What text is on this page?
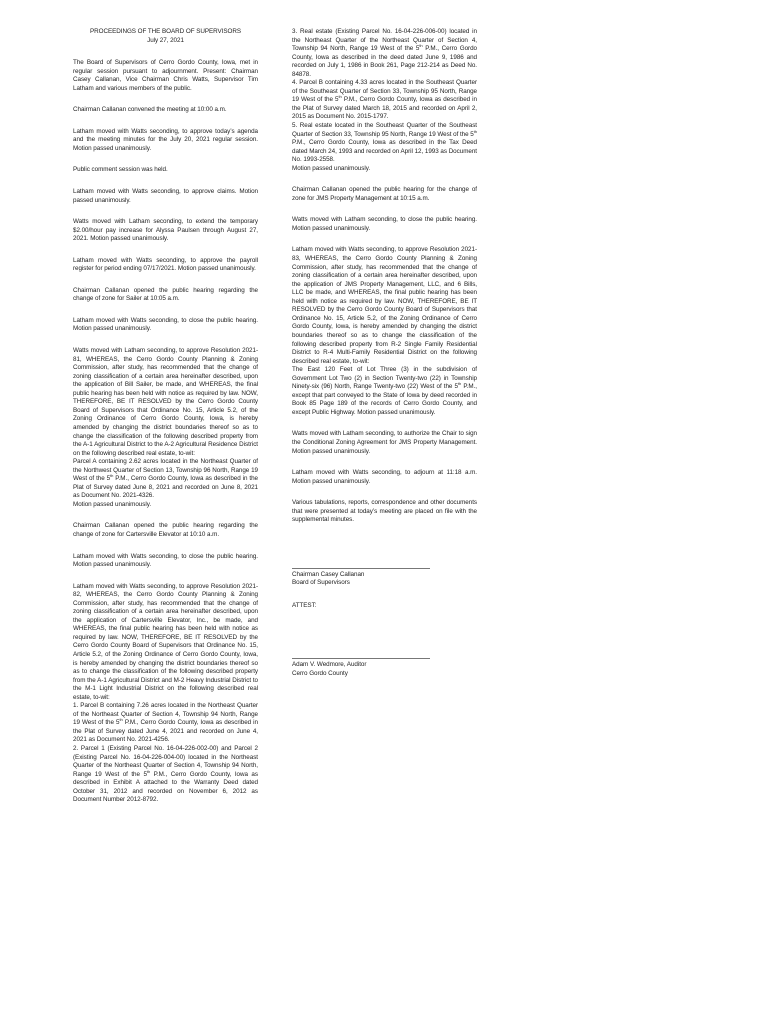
PROCEEDINGS OF THE BOARD OF SUPERVISORS
July 27, 2021

The Board of Supervisors of Cerro Gordo County, Iowa, met in regular session pursuant to adjournment. Present: Chairman Casey Callanan, Vice Chairman Chris Watts, Supervisor Tim Latham and various members of the public.

Chairman Callanan convened the meeting at 10:00 a.m.

Latham moved with Watts seconding, to approve today’s agenda and the meeting minutes for the July 20, 2021 regular session. Motion passed unanimously.

Public comment session was held.

Latham moved with Watts seconding, to approve claims. Motion passed unanimously.

Watts moved with Latham seconding, to extend the temporary $2.00/hour pay increase for Alyssa Paulsen through August 27, 2021. Motion passed unanimously.

Latham moved with Watts seconding, to approve the payroll register for period ending 07/17/2021. Motion passed unanimously.

Chairman Callanan opened the public hearing regarding the change of zone for Sailer at 10:05 a.m.

Latham moved with Watts seconding, to close the public hearing. Motion passed unanimously.

Watts moved with Latham seconding, to approve Resolution 2021-81, WHEREAS, the Cerro Gordo County Planning & Zoning Commission, after study, has recommended that the change of zoning classification of a certain area hereinafter described, upon the application of Bill Sailer, be made, and WHEREAS, the final public hearing has been held with notice as required by law. NOW, THEREFORE, BE IT RESOLVED by the Cerro Gordo County Board of Supervisors that Ordinance No. 15, Article 5.2, of the Zoning Ordinance of Cerro Gordo County, Iowa, is hereby amended by changing the district boundaries thereof so as to change the classification of the following described property from the A-1 Agricultural District to the A-2 Agricultural Residence District on the following described real estate, to-wit:
Parcel A containing 2.62 acres located in the Northeast Quarter of the Northwest Quarter of Section 13, Township 96 North, Range 19 West of the 5th P.M., Cerro Gordo County, Iowa as described in the Plat of Survey dated June 8, 2021 and recorded on June 8, 2021 as Document No. 2021-4326.
Motion passed unanimously.

Chairman Callanan opened the public hearing regarding the change of zone for Cartersville Elevator at 10:10 a.m.

Latham moved with Watts seconding, to close the public hearing. Motion passed unanimously.

Latham moved with Watts seconding, to approve Resolution 2021-82, WHEREAS, the Cerro Gordo County Planning & Zoning Commission, after study, has recommended that the change of zoning classification of a certain area hereinafter described, upon the application of Cartersville Elevator, Inc., be made, and WHEREAS, the final public hearing has been held with notice as required by law. NOW, THEREFORE, BE IT RESOLVED by the Cerro Gordo County Board of Supervisors that Ordinance No. 15, Article 5.2, of the Zoning Ordinance of Cerro Gordo County, Iowa, is hereby amended by changing the district boundaries thereof so as to change the classification of the following described property from the A-1 Agricultural District and M-2 Heavy Industrial District to the M-1 Light Industrial District on the following described real estate, to-wit:
1. Parcel B containing 7.26 acres located in the Northeast Quarter of the Northeast Quarter of Section 4, Township 94 North, Range 19 West of the 5th P.M., Cerro Gordo County, Iowa as described in the Plat of Survey dated June 4, 2021 and recorded on June 4, 2021 as Document No. 2021-4256.
2. Parcel 1 (Existing Parcel No. 16-04-226-002-00) and Parcel 2 (Existing Parcel No. 16-04-226-004-00) located in the Northeast Quarter of the Northeast Quarter of Section 4, Township 94 North, Range 19 West of the 5th P.M., Cerro Gordo County, Iowa as described in Exhibit A attached to the Warranty Deed dated October 31, 2012 and recorded on November 6, 2012 as Document Number 2012-8792.

3. Real estate (Existing Parcel No. 16-04-226-006-00) located in the Northeast Quarter of the Northeast Quarter of Section 4, Township 94 North, Range 19 West of the 5th P.M., Cerro Gordo County, Iowa as described in the deed dated June 9, 1986 and recorded on July 1, 1986 in Book 261, Page 212-214 as Deed No. 84878.
4. Parcel B containing 4.33 acres located in the Southeast Quarter of the Southeast Quarter of Section 33, Township 95 North, Range 19 West of the 5th P.M., Cerro Gordo County, Iowa as described in the Plat of Survey dated March 18, 2015 and recorded on April 2, 2015 as Document No. 2015-1797.
5. Real estate located in the Southeast Quarter of the Southeast Quarter of Section 33, Township 95 North, Range 19 West of the 5th P.M., Cerro Gordo County, Iowa as described in the Tax Deed dated March 24, 1993 and recorded on April 12, 1993 as Document No. 1993-2558.
Motion passed unanimously.

Chairman Callanan opened the public hearing for the change of zone for JMS Property Management at 10:15 a.m.

Watts moved with Latham seconding, to close the public hearing. Motion passed unanimously.

Latham moved with Watts seconding, to approve Resolution 2021-83, WHEREAS, the Cerro Gordo County Planning & Zoning Commission, after study, has recommended that the change of zoning classification of a certain area hereinafter described, upon the application of JMS Property Management, LLC, and 6 Bills, LLC be made, and WHEREAS, the final public hearing has been held with notice as required by law. NOW, THEREFORE, BE IT RESOLVED by the Cerro Gordo County Board of Supervisors that Ordinance No. 15, Article 5.2, of the Zoning Ordinance of Cerro Gordo County, Iowa, is hereby amended by changing the district boundaries thereof so as to change the classification of the following described property from R-2 Single Family Residential District to R-4 Multi-Family Residential District on the following described real estate, to-wit:
The East 120 Feet of Lot Three (3) in the subdivision of Government Lot Two (2) in Section Twenty-two (22) in Township Ninety-six (96) North, Range Twenty-two (22) West of the 5th P.M., except that part conveyed to the State of Iowa by deed recorded in Book 85 Page 189 of the records of Cerro Gordo County, and except Public Highway. Motion passed unanimously.

Watts moved with Latham seconding, to authorize the Chair to sign the Conditional Zoning Agreement for JMS Property Management. Motion passed unanimously.

Latham moved with Watts seconding, to adjourn at 11:18 a.m. Motion passed unanimously.

Various tabulations, reports, correspondence and other documents that were presented at today’s meeting are placed on file with the supplemental minutes.

Chairman Casey Callanan

Board of Supervisors

ATTEST:

Adam V. Wedmore, Auditor

Cerro Gordo County
